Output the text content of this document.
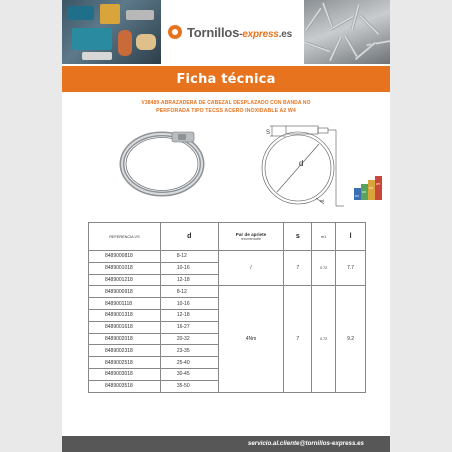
Tornillos-express.es
Ficha técnica
V38489-ABRAZADERA DE CABEZAL DESPLAZADO CON BANDA NO
PERFORADA TIPO TECSS ACERO INOXIDABLE A2 W4
S
d
ml
W1
W2
W4
W5
REFERENCIA VS	d	Par de apriete
recomendable	s	m1	l
8489000818	8-12	/	7	0.72	7.7
8489001018	10-16				
8489001218	12-18				
8489000918	8-12	4Nm	7	0.72	9.2
8489001118	10-16				
8489001318	12-18				
8489001618	16-27				
8489002018	20-32				
8489002318	23-35				
8489002518	25-40				
8489003018	30-45				
8489003518	35-50				
servicio.al.cliente@tornillos-express.es
